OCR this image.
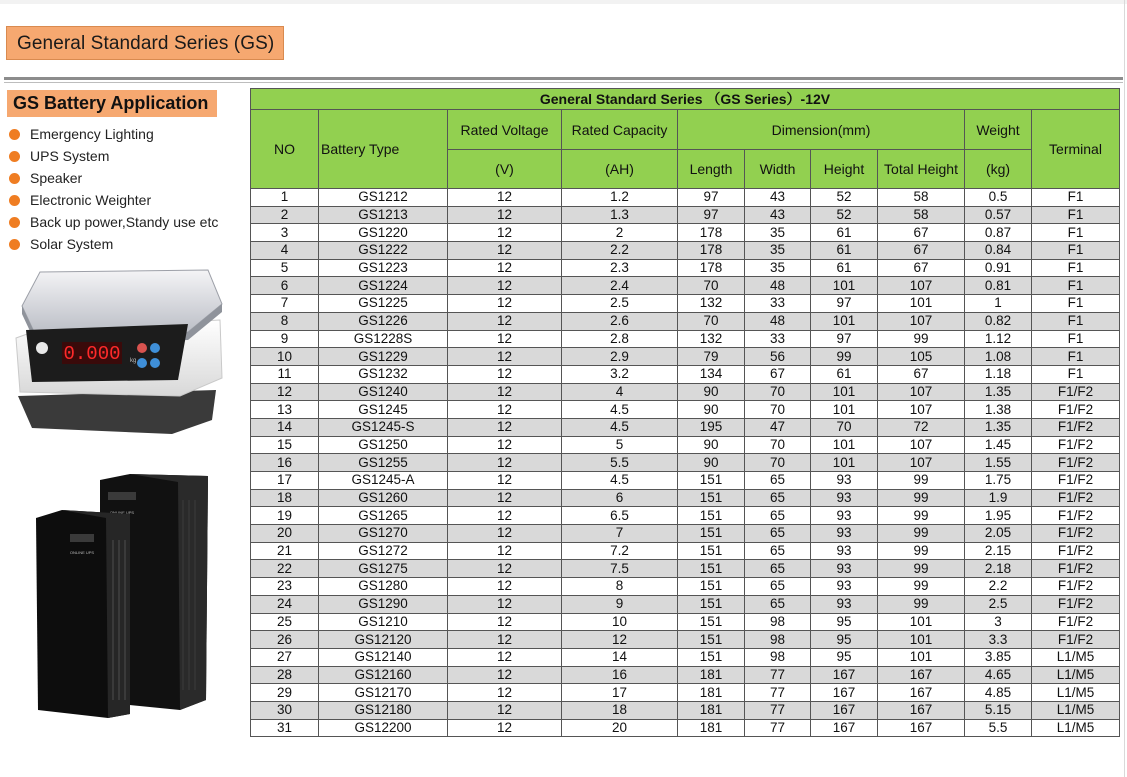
General Standard Series (GS)
GS Battery Application
Emergency Lighting
UPS System
Speaker
Electronic Weighter
Back up power,Standy use etc
Solar System
0.000 kg
ONLINE UPS
ONLINE UPS
General Standard Series （GS Series）-12V									
NO	Battery Type	Rated Voltage	Rated Capacity	Dimension(mm)				Weight	Terminal
		(V)	(AH)	Length	Width	Height	Total Height	(kg)	
1	GS1212	12	1.2	97	43	52	58	0.5	F1
2	GS1213	12	1.3	97	43	52	58	0.57	F1
3	GS1220	12	2	178	35	61	67	0.87	F1
4	GS1222	12	2.2	178	35	61	67	0.84	F1
5	GS1223	12	2.3	178	35	61	67	0.91	F1
6	GS1224	12	2.4	70	48	101	107	0.81	F1
7	GS1225	12	2.5	132	33	97	101	1	F1
8	GS1226	12	2.6	70	48	101	107	0.82	F1
9	GS1228S	12	2.8	132	33	97	99	1.12	F1
10	GS1229	12	2.9	79	56	99	105	1.08	F1
11	GS1232	12	3.2	134	67	61	67	1.18	F1
12	GS1240	12	4	90	70	101	107	1.35	F1/F2
13	GS1245	12	4.5	90	70	101	107	1.38	F1/F2
14	GS1245-S	12	4.5	195	47	70	72	1.35	F1/F2
15	GS1250	12	5	90	70	101	107	1.45	F1/F2
16	GS1255	12	5.5	90	70	101	107	1.55	F1/F2
17	GS1245-A	12	4.5	151	65	93	99	1.75	F1/F2
18	GS1260	12	6	151	65	93	99	1.9	F1/F2
19	GS1265	12	6.5	151	65	93	99	1.95	F1/F2
20	GS1270	12	7	151	65	93	99	2.05	F1/F2
21	GS1272	12	7.2	151	65	93	99	2.15	F1/F2
22	GS1275	12	7.5	151	65	93	99	2.18	F1/F2
23	GS1280	12	8	151	65	93	99	2.2	F1/F2
24	GS1290	12	9	151	65	93	99	2.5	F1/F2
25	GS1210	12	10	151	98	95	101	3	F1/F2
26	GS12120	12	12	151	98	95	101	3.3	F1/F2
27	GS12140	12	14	151	98	95	101	3.85	L1/M5
28	GS12160	12	16	181	77	167	167	4.65	L1/M5
29	GS12170	12	17	181	77	167	167	4.85	L1/M5
30	GS12180	12	18	181	77	167	167	5.15	L1/M5
31	GS12200	12	20	181	77	167	167	5.5	L1/M5
